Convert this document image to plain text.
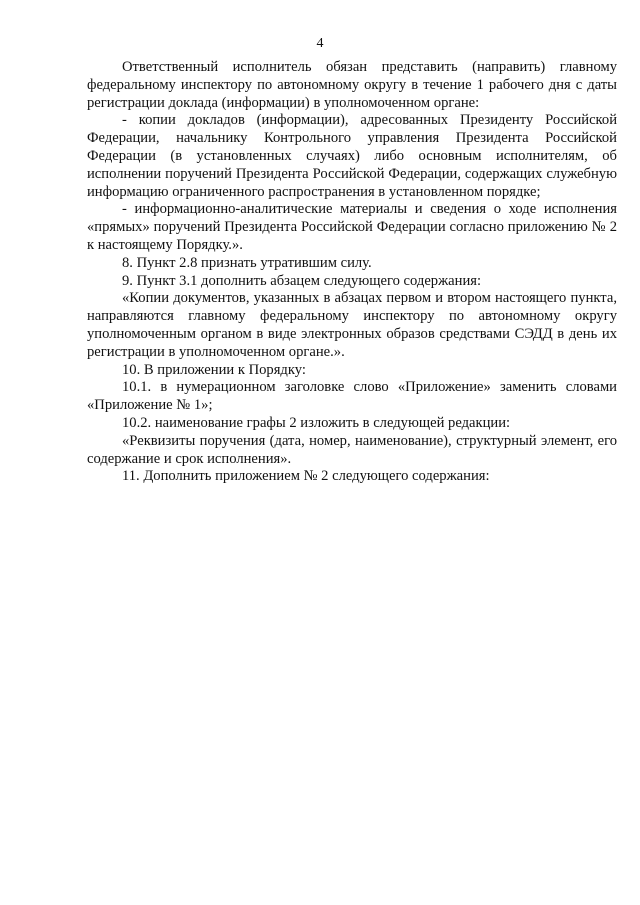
4

Ответственный исполнитель обязан представить (направить) главному федеральному инспектору по автономному округу в течение 1 рабочего дня с даты регистрации доклада (информации) в уполномоченном органе:

- копии докладов (информации), адресованных Президенту Российской Федерации, начальнику Контрольного управления Президента Российской Федерации (в установленных случаях) либо основным исполнителям, об исполнении поручений Президента Российской Федерации, содержащих служебную информацию ограниченного распространения в установленном порядке;

- информационно-аналитические материалы и сведения о ходе исполнения «прямых» поручений Президента Российской Федерации согласно приложению № 2 к настоящему Порядку.».

8. Пункт 2.8 признать утратившим силу.

9. Пункт 3.1 дополнить абзацем следующего содержания:

«Копии документов, указанных в абзацах первом и втором настоящего пункта, направляются главному федеральному инспектору по автономному округу уполномоченным органом в виде электронных образов средствами СЭДД в день их регистрации в уполномоченном органе.».

10. В приложении к Порядку:

10.1. в нумерационном заголовке слово «Приложение» заменить словами «Приложение № 1»;

10.2. наименование графы 2 изложить в следующей редакции:

«Реквизиты поручения (дата, номер, наименование), структурный элемент, его содержание и срок исполнения».

11. Дополнить приложением № 2 следующего содержания:
